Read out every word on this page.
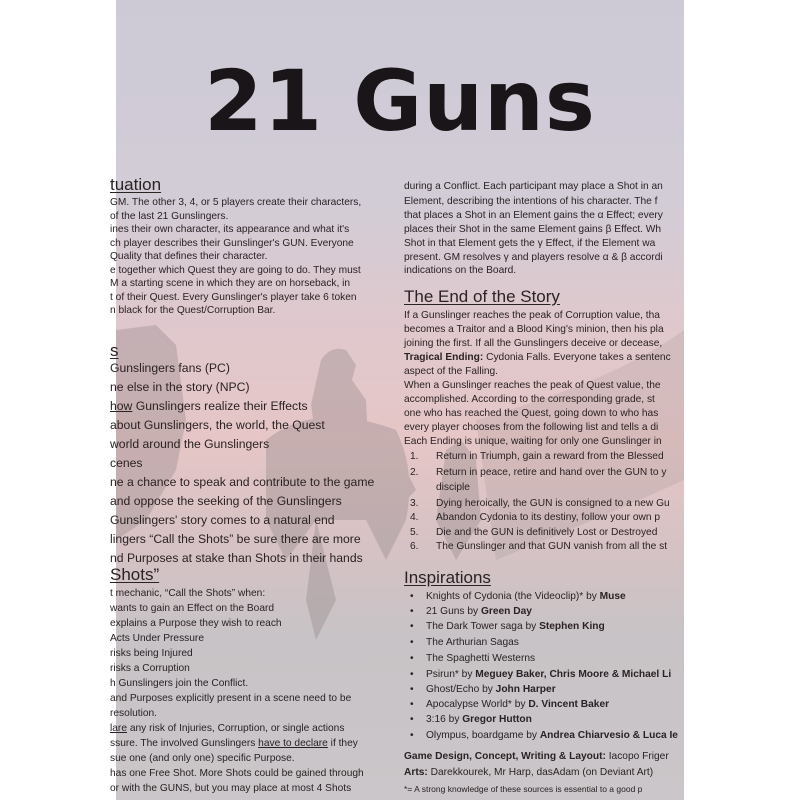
21 Guns
tuation
GM. The other 3, 4, or 5 players create their characters,
of the last 21 Gunslingers.
ines their own character, its appearance and what it's
ch player describes their Gunslinger's GUN. Everyone
Quality that defines their character.
e together which Quest they are going to do. They must
M a starting scene in which they are on horseback, in
t of their Quest. Every Gunslinger's player take 6 token
n black for the Quest/Corruption Bar.
s
Gunslingers fans (PC)
ne else in the story (NPC)
how Gunslingers realize their Effects
about Gunslingers, the world, the Quest
world around the Gunslingers
cenes
ne a chance to speak and contribute to the game
and oppose the seeking of the Gunslingers
Gunslingers' story comes to a natural end
lingers “Call the Shots” be sure there are more
nd Purposes at stake than Shots in their hands
Shots”
t mechanic, “Call the Shots” when:
wants to gain an Effect on the Board
explains a Purpose they wish to reach
Acts Under Pressure
risks being Injured
risks a Corruption
h Gunslingers join the Conflict.
and Purposes explicitly present in a scene need to be
resolution.
lare any risk of Injuries, Corruption, or single actions
ssure. The involved Gunslingers have to declare if they
sue one (and only one) specific Purpose.
has one Free Shot. More Shots could be gained through
or with the GUNS, but you may place at most 4 Shots
during a Conflict. Each participant may place a Shot in an
Element, describing the intentions of his character. The f
that places a Shot in an Element gains the α Effect; every
places their Shot in the same Element gains β Effect. Wh
Shot in that Element gets the γ Effect, if the Element wa
present. GM resolves γ and players resolve α & β accordi
indications on the Board.
The End of the Story
If a Gunslinger reaches the peak of Corruption value, tha
becomes a Traitor and a Blood King's minion, then his pla
joining the first. If all the Gunslingers deceive or decease,
Tragical Ending: Cydonia Falls. Everyone takes a sentenc
aspect of the Falling.
When a Gunslinger reaches the peak of Quest value, the
accomplished. According to the corresponding grade, st
one who has reached the Quest, going down to who has
every player chooses from the following list and tells a di
Each Ending is unique, waiting for only one Gunslinger in
1. Return in Triumph, gain a reward from the Blessed
2. Return in peace, retire and hand over the GUN to y
disciple
3. Dying heroically, the GUN is consigned to a new Gu
4. Abandon Cydonia to its destiny, follow your own p
5. Die and the GUN is definitively Lost or Destroyed
6. The Gunslinger and that GUN vanish from all the st
Inspirations
• Knights of Cydonia (the Videoclip)* by Muse
• 21 Guns by Green Day
• The Dark Tower saga by Stephen King
• The Arthurian Sagas
• The Spaghetti Westerns
• Psirun* by Meguey Baker, Chris Moore & Michael Li
• Ghost/Echo by John Harper
• Apocalypse World* by D. Vincent Baker
• 3:16 by Gregor Hutton
• Olympus, boardgame by Andrea Chiarvesio & Luca Ie
Game Design, Concept, Writing & Layout: Iacopo Friger
Arts: Darekkourek, Mr Harp, dasAdam (on Deviant Art)
*= A strong knowledge of these sources is essential to a good p
